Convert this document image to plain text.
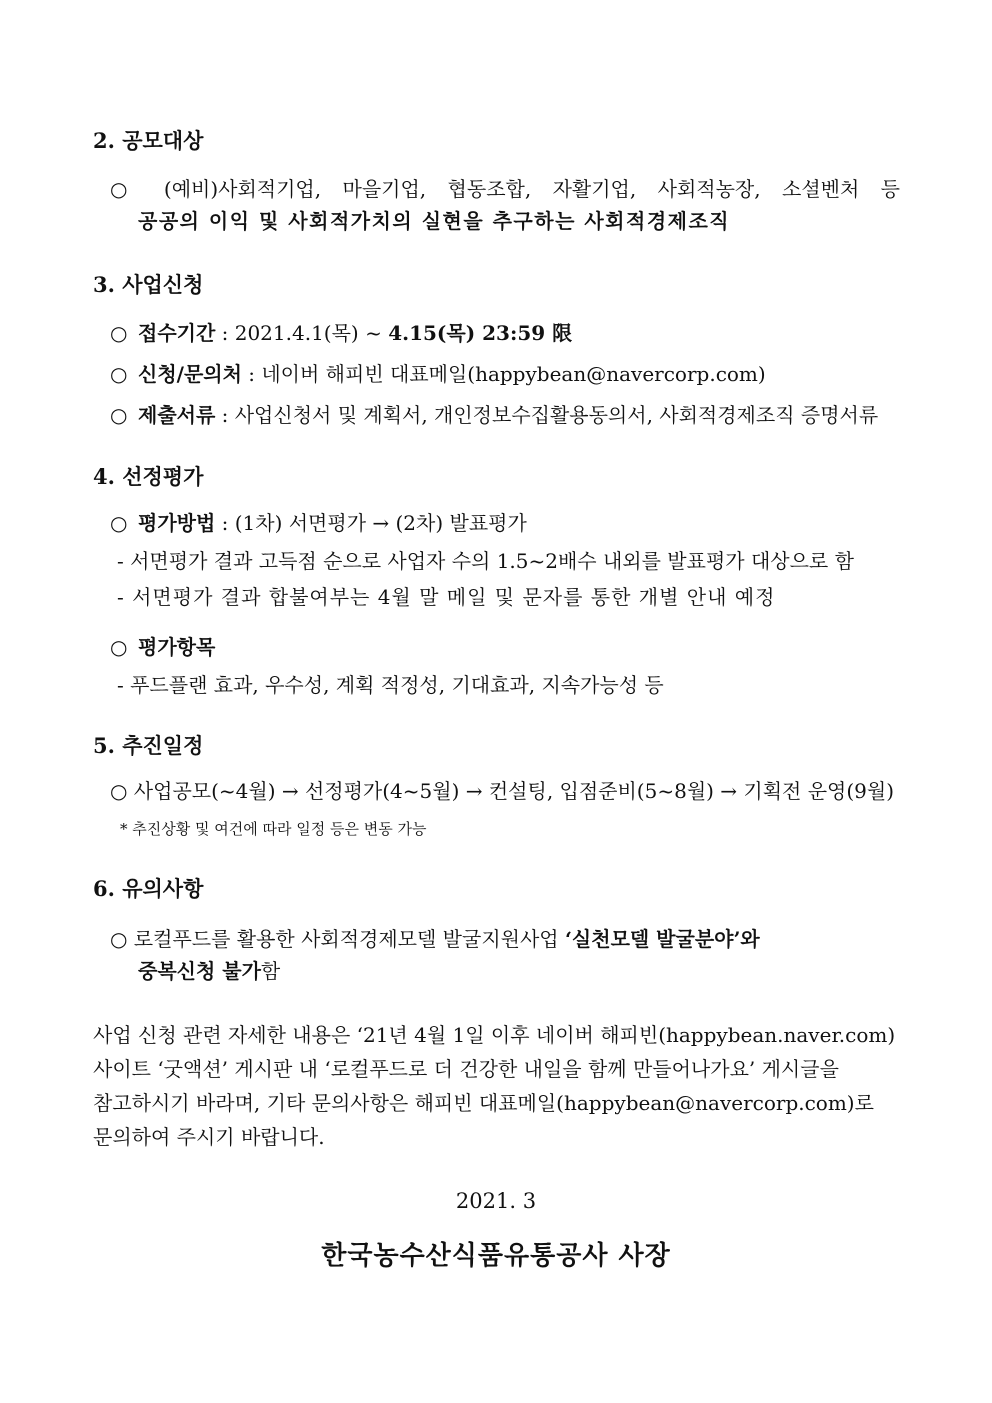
2. 공모대상
○ (예비)사회적기업, 마을기업, 협동조합, 자활기업, 사회적농장, 소셜벤처 등
공공의 이익 및 사회적가치의 실현을 추구하는 사회적경제조직
3. 사업신청
○ 접수기간 : 2021.4.1(목) ~ 4.15(목) 23:59 限
○ 신청/문의처 : 네이버 해피빈 대표메일(happybean@navercorp.com)
○ 제출서류 : 사업신청서 및 계획서, 개인정보수집활용동의서, 사회적경제조직 증명서류
4. 선정평가
○ 평가방법 : (1차) 서면평가 → (2차) 발표평가
- 서면평가 결과 고득점 순으로 사업자 수의 1.5~2배수 내외를 발표평가 대상으로 함
- 서면평가 결과 합불여부는 4월 말 메일 및 문자를 통한 개별 안내 예정
○ 평가항목
- 푸드플랜 효과, 우수성, 계획 적정성, 기대효과, 지속가능성 등
5. 추진일정
○ 사업공모(~4월) → 선정평가(4~5월) → 컨설팅, 입점준비(5~8월) → 기획전 운영(9월)
* 추진상황 및 여건에 따라 일정 등은 변동 가능
6. 유의사항
○ 로컬푸드를 활용한 사회적경제모델 발굴지원사업 ‘실천모델 발굴분야’와
중복신청 불가함
사업 신청 관련 자세한 내용은 ‘21년 4월 1일 이후 네이버 해피빈(happybean.naver.com)
사이트 ‘굿액션’ 게시판 내 ‘로컬푸드로 더 건강한 내일을 함께 만들어나가요’ 게시글을
참고하시기 바라며, 기타 문의사항은 해피빈 대표메일(happybean@navercorp.com)로
문의하여 주시기 바랍니다.
2021. 3
한국농수산식품유통공사 사장
